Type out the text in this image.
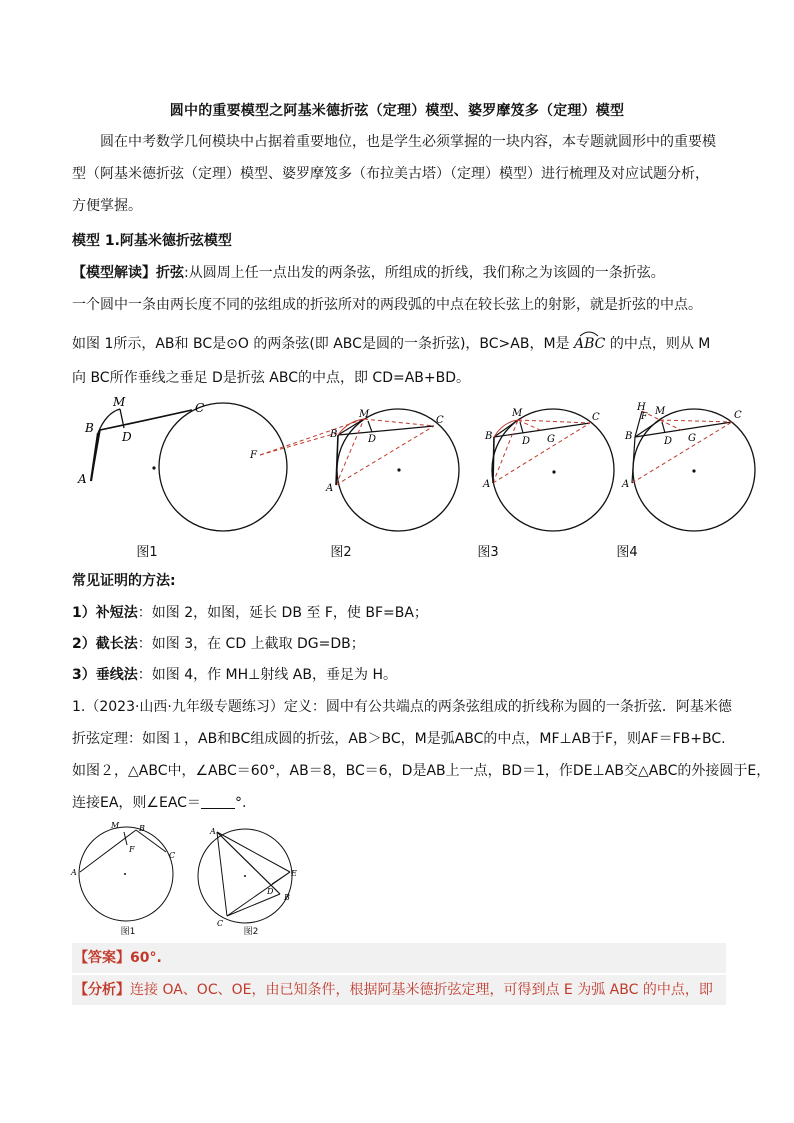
圆中的重要模型之阿基米德折弦（定理）模型、婆罗摩笈多（定理）模型
圆在中考数学几何模块中占据着重要地位，也是学生必须掌握的一块内容，本专题就圆形中的重要模型（阿基米德折弦（定理）模型、婆罗摩笈多（布拉美古塔）（定理）模型）进行梳理及对应试题分析，方便掌握。
模型 1.阿基米德折弦模型
【模型解读】折弦:从圆周上任一点出发的两条弦，所组成的折线，我们称之为该圆的一条折弦。
一个圆中一条由两长度不同的弦组成的折弦所对的两段弧的中点在较长弦上的射影，就是折弦的中点。
如图 1所示，AB和 BC是⊙O 的两条弦(即 ABC是圆的一条折弦)，BC>AB，M是 ABC 的中点，则从 M
向 BC所作垂线之垂足 D是折弦 ABC的中点，即 CD=AB+BD。
A
B
C
D
M
F
A
B
C
D
M
A
B
C
D
M
G
A
B
C
D
M
G
H
F
图1	图2	图3	图4
常见证明的方法:
1）补短法：如图 2，如图，延长 DB 至 F，使 BF=BA；
2）截长法：如图 3，在 CD 上截取 DG=DB；
3）垂线法：如图 4，作 MH⊥射线 AB，垂足为 H。
1.（2023·山西·九年级专题练习）定义：圆中有公共端点的两条弦组成的折线称为圆的一条折弦．阿基米德
折弦定理：如图１，AB和BC组成圆的折弦，AB＞BC，M是弧ABC的中点，MF⊥AB于F，则AF＝FB+BC.
如图２，△ABC中，∠ABC＝60°，AB＝8，BC＝6，D是AB上一点，BD＝1，作DE⊥AB交△ABC的外接圆于E，
连接EA，则∠EAC＝ °.
A
M B
F
C
A
C
E
D
B
图1	图2
【答案】60°.
【分析】连接 OA、OC、OE，由已知条件，根据阿基米德折弦定理，可得到点 E 为弧 ABC 的中点，即
